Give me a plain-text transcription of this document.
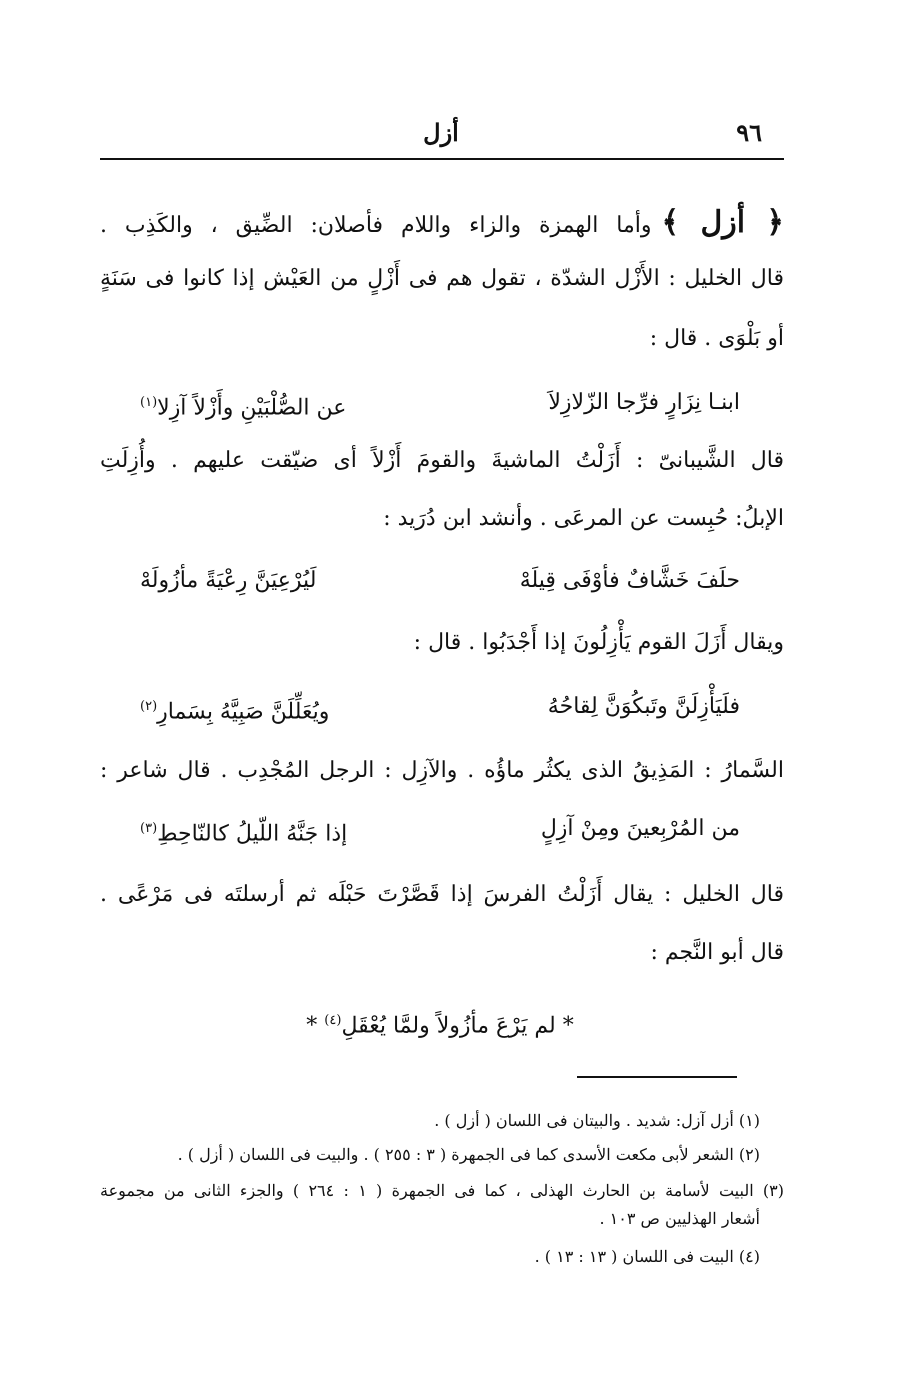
٩٦
أزل
﴿ أزل ﴾وأما الهمزة والزاء واللام فأصلان: الضِّيق ، والكَذِب .
قال الخليل : الأَزْل الشدّة ، تقول هم فى أَزْلٍ من العَيْش إذا كانوا فى سَنَةٍ
أو بَلْوَى . قال :
ابنـا نِزَارٍ فرِّجا الزّلازِلاَ
عن الصُّلْبَيْنِ وأَزْلاً آزِلا$^{(١)}$
قال الشَّيبانىّ : أَزَلْتُ الماشيةَ والقومَ أَزْلاً أى ضيّقت عليهم . وأُزِلَتِ
الإبلُ: حُبِست عن المرعَى . وأنشد ابن دُرَيد :
حلَفَ خَشَّافٌ فأوْفَى قِيلَهْ
لَيُرْعِيَنَّ رِعْيَةً مأزُولَهْ
ويقال أَزَلَ القوم يَأْزِلُونَ إذا أَجْدَبُوا . قال :
فلَيَأْزِلَنَّ وتَبكُوَنَّ لِقاحُهُ
ويُعَلِّلَنَّ صَبِيَّهُ بِسَمارِ$^{(٢)}$
السَّمارُ : المَذِيقُ الذى يكثُر ماؤُه . والآزِل : الرجل المُجْدِب . قال شاعر :
من المُرْبِعينَ ومِنْ آزِلٍ
إذا جَنَّهُ اللّيلُ كالنّاحِطِ$^{(٣)}$
قال الخليل : يقال أَزَلْتُ الفرسَ إذا قَصَّرْتَ حَبْلَه ثم أرسلتَه فى مَرْعًى .
قال أبو النَّجم :
* لم يَرْعَ مأزُولاً ولمَّا يُعْقَلِ$^{(٤)}$ *
(١) أزل آزل: شديد . والبيتان فى اللسان ( أزل ) .
(٢) الشعر لأبى مكعت الأسدى كما فى الجمهرة ( ٣ : ٢٥٥ ) . والبيت فى اللسان ( أزل ) .
(٣) البيت لأسامة بن الحارث الهذلى ، كما فى الجمهرة ( ١ : ٢٦٤ ) والجزء الثانى من مجموعة
أشعار الهذليين ص ١٠٣ .
(٤) البيت فى اللسان ( ١٣ : ١٣ ) .
